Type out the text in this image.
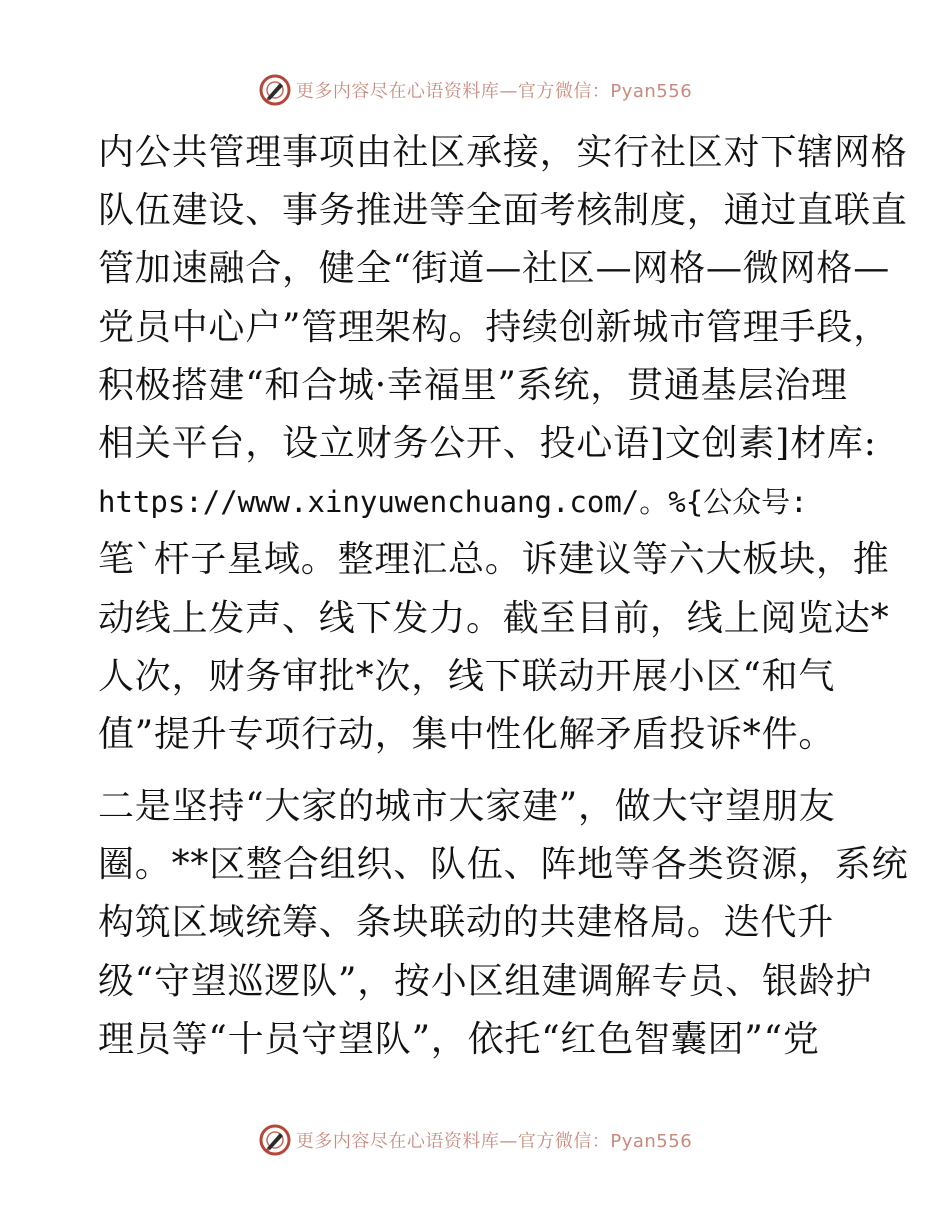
更多内容尽在心语资料库—官方微信：Pyan556
内公共管理事项由社区承接，实行社区对下辖网格
队伍建设、事务推进等全面考核制度，通过直联直
管加速融合，健全“街道—社区—网格—微网格—
党员中心户”管理架构。持续创新城市管理手段，
积极搭建“和合城·幸福里”系统，贯通基层治理
相关平台，设立财务公开、投心语]文创素]材库:
https://www.xinyuwenchuang.com/。%{公众号:
笔`杆子星域。整理汇总。诉建议等六大板块，推
动线上发声、线下发力。截至目前，线上阅览达*
人次，财务审批*次，线下联动开展小区“和气
值”提升专项行动，集中性化解矛盾投诉*件。
二是坚持“大家的城市大家建”，做大守望朋友
圈。**区整合组织、队伍、阵地等各类资源，系统
构筑区域统筹、条块联动的共建格局。迭代升
级“守望巡逻队”，按小区组建调解专员、银龄护
理员等“十员守望队”，依托“红色智囊团”“党
更多内容尽在心语资料库—官方微信：Pyan556
